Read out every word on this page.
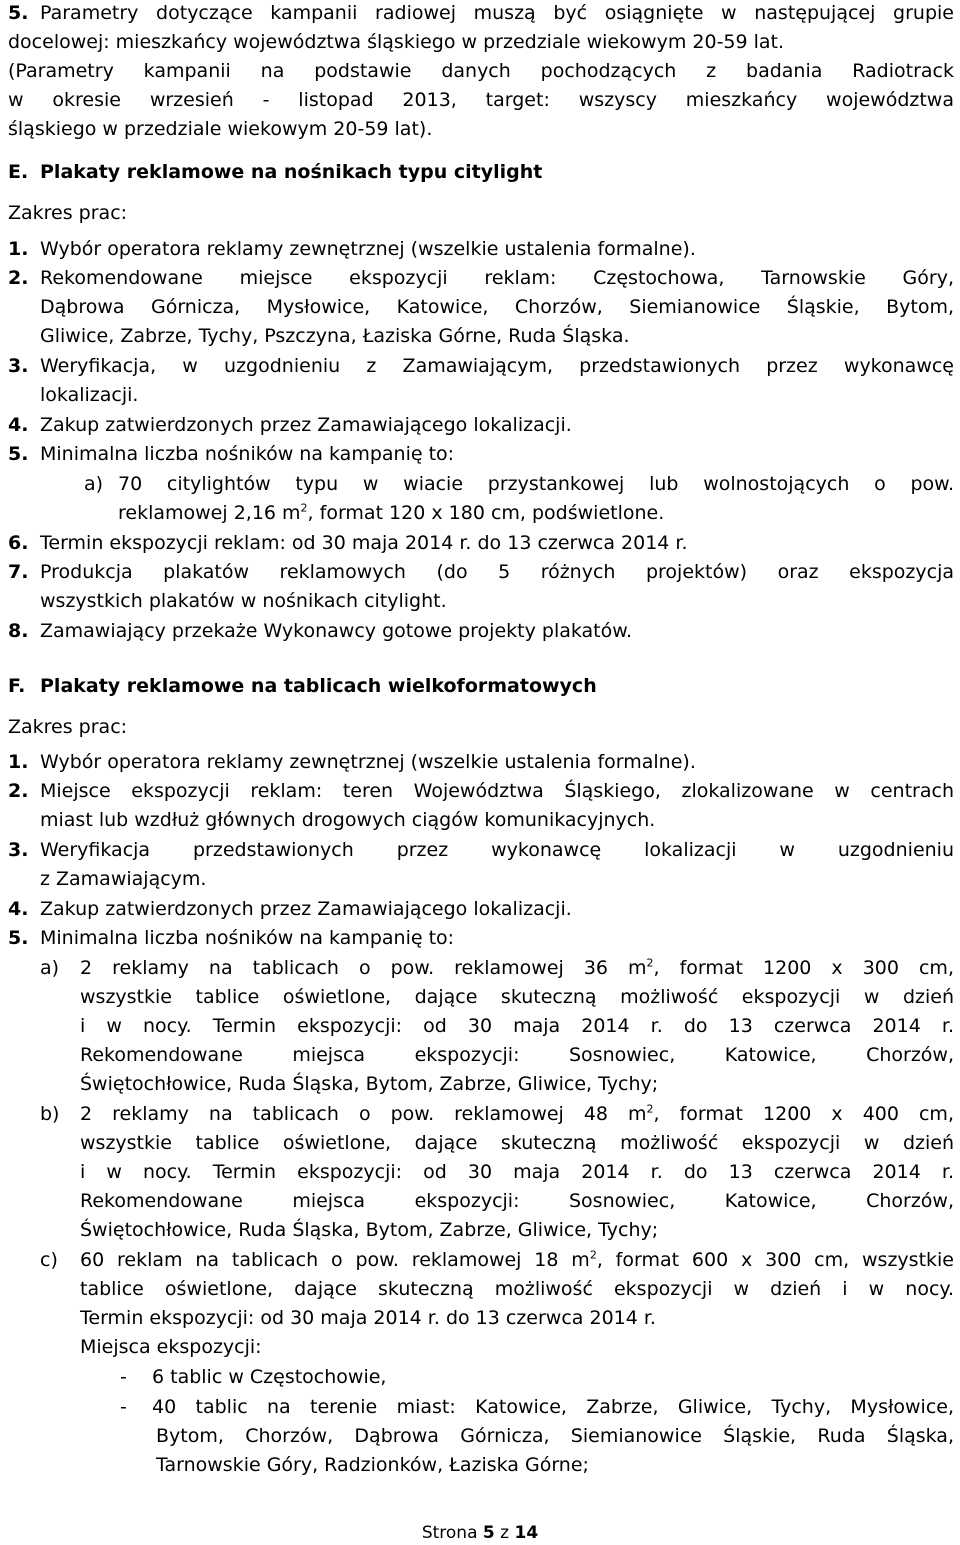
5. Parametry dotyczące kampanii radiowej muszą być osiągnięte w następującej grupie
docelowej: mieszkańcy województwa śląskiego w przedziale wiekowym 20-59 lat.
(Parametry kampanii na podstawie danych pochodzących z badania Radiotrack
w okresie wrzesień - listopad 2013, target: wszyscy mieszkańcy województwa
śląskiego w przedziale wiekowym 20-59 lat).
E. Plakaty reklamowe na nośnikach typu citylight
Zakres prac:
1. Wybór operatora reklamy zewnętrznej (wszelkie ustalenia formalne).
2. Rekomendowane miejsce ekspozycji reklam: Częstochowa, Tarnowskie Góry,
Dąbrowa Górnicza, Mysłowice, Katowice, Chorzów, Siemianowice Śląskie, Bytom,
Gliwice, Zabrze, Tychy, Pszczyna, Łaziska Górne, Ruda Śląska.
3. Weryfikacja, w uzgodnieniu z Zamawiającym, przedstawionych przez wykonawcę
lokalizacji.
4. Zakup zatwierdzonych przez Zamawiającego lokalizacji.
5. Minimalna liczba nośników na kampanię to:
a) 70 citylightów typu w wiacie przystankowej lub wolnostojących o pow.
reklamowej 2,16 $m^2$, format 120 x 180 cm, podświetlone.
6. Termin ekspozycji reklam: od 30 maja 2014 r. do 13 czerwca 2014 r.
7. Produkcja plakatów reklamowych (do 5 różnych projektów) oraz ekspozycja
wszystkich plakatów w nośnikach citylight.
8. Zamawiający przekaże Wykonawcy gotowe projekty plakatów.
F. Plakaty reklamowe na tablicach wielkoformatowych
Zakres prac:
1. Wybór operatora reklamy zewnętrznej (wszelkie ustalenia formalne).
2. Miejsce ekspozycji reklam: teren Województwa Śląskiego, zlokalizowane w centrach
miast lub wzdłuż głównych drogowych ciągów komunikacyjnych.
3. Weryfikacja przedstawionych przez wykonawcę lokalizacji w uzgodnieniu
z Zamawiającym.
4. Zakup zatwierdzonych przez Zamawiającego lokalizacji.
5. Minimalna liczba nośników na kampanię to:
a) 2 reklamy na tablicach o pow. reklamowej 36 $m^2$, format 1200 x 300 cm,
wszystkie tablice oświetlone, dające skuteczną możliwość ekspozycji w dzień
i w nocy. Termin ekspozycji: od 30 maja 2014 r. do 13 czerwca 2014 r.
Rekomendowane miejsca ekspozycji: Sosnowiec, Katowice, Chorzów,
Świętochłowice, Ruda Śląska, Bytom, Zabrze, Gliwice, Tychy;
b) 2 reklamy na tablicach o pow. reklamowej 48 $m^2$, format 1200 x 400 cm,
wszystkie tablice oświetlone, dające skuteczną możliwość ekspozycji w dzień
i w nocy. Termin ekspozycji: od 30 maja 2014 r. do 13 czerwca 2014 r.
Rekomendowane miejsca ekspozycji: Sosnowiec, Katowice, Chorzów,
Świętochłowice, Ruda Śląska, Bytom, Zabrze, Gliwice, Tychy;
c) 60 reklam na tablicach o pow. reklamowej 18 $m^2$, format 600 x 300 cm, wszystkie
tablice oświetlone, dające skuteczną możliwość ekspozycji w dzień i w nocy.
Termin ekspozycji: od 30 maja 2014 r. do 13 czerwca 2014 r.
Miejsca ekspozycji:
- 6 tablic w Częstochowie,
- 40 tablic na terenie miast: Katowice, Zabrze, Gliwice, Tychy, Mysłowice,
Bytom, Chorzów, Dąbrowa Górnicza, Siemianowice Śląskie, Ruda Śląska,
Tarnowskie Góry, Radzionków, Łaziska Górne;
Strona 5 z 14
